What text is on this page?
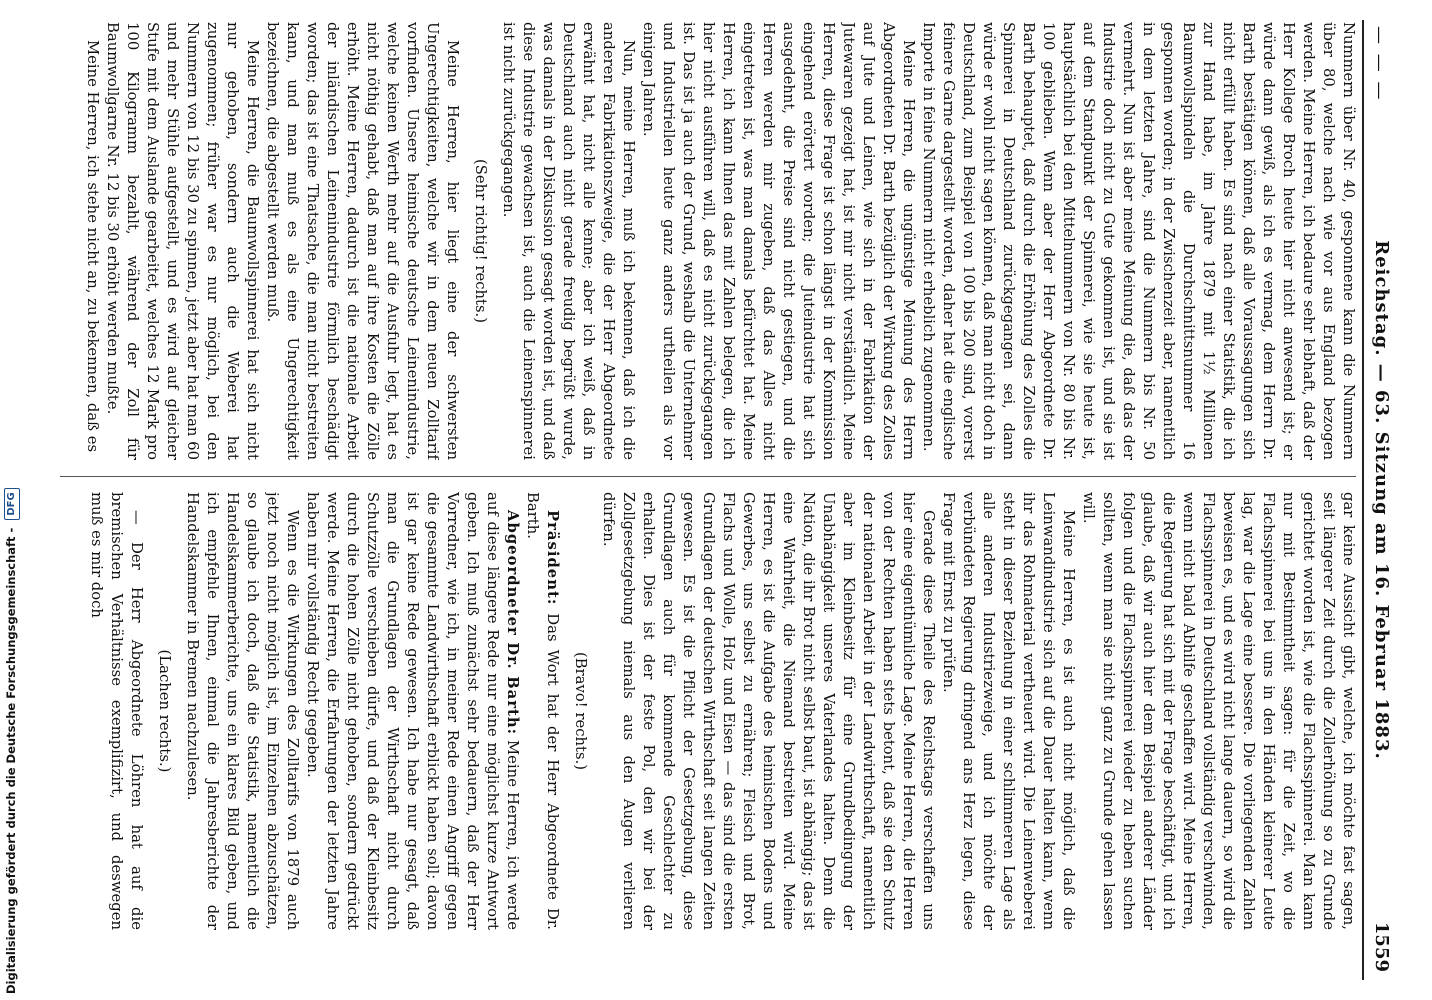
— — —
Reichstag. — 63. Sitzung am 16. Februar 1883.
1559

Nummern über Nr. 40, gesponnene kann die Nummern über 80, welche nach wie vor aus England bezogen werden. Meine Herren, ich bedaure sehr lebhaft, daß der Herr Kollege Broch heute hier nicht anwesend ist; er würde dann gewiß, als ich es vermag, dem Herrn Dr. Barth bestätigen können, daß alle Voraussagungen sich nicht erfüllt haben. Es sind nach einer Statistik, die ich zur Hand habe, im Jahre 1879 mit 1½ Millionen Baumwollspindeln die Durchschnittsnummer 16 gesponnen worden; in der Zwischenzeit aber, namentlich in dem letzten Jahre, sind die Nummern bis Nr. 50 vermehrt. Nun ist aber meine Meinung die, daß das der Industrie doch nicht zu Gute gekommen ist, und sie ist auf dem Standpunkt der Spinnerei, wie sie heute ist, hauptsächlich bei den Mittelnummern von Nr. 80 bis Nr. 100 geblieben. Wenn aber der Herr Abgeordnete Dr. Barth behauptet, daß durch die Erhöhung des Zolles die Spinnerei in Deutschland zurückgegangen sei, dann würde er wohl nicht sagen können, daß man nicht doch in Deutschland, zum Beispiel von 100 bis 200 sind, vorerst feinere Garne dargestellt worden, daher hat die englische Importe in feine Nummern nicht erheblich zugenommen.

Meine Herren, die ungünstige Meinung des Herrn Abgeordneten Dr. Barth bezüglich der Wirkung des Zolles auf Jute und Leinen, wie sich in der Fabrikation der Jutewaren gezeigt hat, ist mir nicht verständlich. Meine Herren, diese Frage ist schon längst in der Kommission eingehend erörtert worden; die Juteindustrie hat sich ausgedehnt, die Preise sind nicht gestiegen, und die Herren werden mir zugeben, daß das Alles nicht eingetreten ist, was man damals befürchtet hat. Meine Herren, ich kann Ihnen das mit Zahlen belegen, die ich hier nicht ausführen will, daß es nicht zurückgegangen ist. Das ist ja auch der Grund, weshalb die Unternehmer und Industriellen heute ganz anders urtheilen als vor einigen Jahren.

Nun, meine Herren, muß ich bekennen, daß ich die anderen Fabrikationszweige, die der Herr Abgeordnete erwähnt hat, nicht alle kenne; aber ich weiß, daß in Deutschland auch nicht gerade freudig begrüßt wurde, was damals in der Diskussion gesagt worden ist, und daß diese Industrie gewachsen ist, auch die Leinenspinnerei ist nicht zurückgegangen.

(Sehr richtig! rechts.)

Meine Herren, hier liegt eine der schwersten Ungerechtigkeiten, welche wir in dem neuen Zolltarif vorfinden. Unsere heimische deutsche Leinenindustrie, welche keinen Werth mehr auf die Ausfuhr legt, hat es nicht nöthig gehabt, daß man auf ihre Kosten die Zölle erhöht. Meine Herren, dadurch ist die nationale Arbeit der inländischen Leinenindustrie förmlich beschädigt worden; das ist eine Thatsache, die man nicht bestreiten kann, und man muß es als eine Ungerechtigkeit bezeichnen, die abgestellt werden muß.

Meine Herren, die Baumwollspinnerei hat sich nicht nur gehoben, sondern auch die Weberei hat zugenommen; früher war es nur möglich, bei den Nummern von 12 bis 30 zu spinnen, jetzt aber hat man 60 und mehr Stühle aufgestellt, und es wird auf gleicher Stufe mit dem Auslande gearbeitet, welches 12 Mark pro 100 Kilogramm bezahlt, während der Zoll für Baumwollgarne Nr. 12 bis 30 erhöht werden mußte.

Meine Herren, ich stehe nicht an, zu bekennen, daß es

gar keine Aussicht gibt, welche, ich möchte fast sagen, seit längerer Zeit durch die Zollerhöhung so zu Grunde gerichtet worden ist, wie die Flachsspinnerei. Man kann nur mit Bestimmtheit sagen: für die Zeit, wo die Flachsspinnerei bei uns in den Händen kleinerer Leute lag, war die Lage eine bessere. Die vorliegenden Zahlen beweisen es, und es wird nicht lange dauern, so wird die Flachsspinnerei in Deutschland vollständig verschwinden, wenn nicht bald Abhilfe geschaffen wird. Meine Herren, die Regierung hat sich mit der Frage beschäftigt, und ich glaube, daß wir auch hier dem Beispiel anderer Länder folgen und die Flachsspinnerei wieder zu heben suchen sollten, wenn man sie nicht ganz zu Grunde gehen lassen will.

Meine Herren, es ist auch nicht möglich, daß die Leinwandindustrie sich auf die Dauer halten kann, wenn ihr das Rohmaterial vertheuert wird. Die Leinenweberei steht in dieser Beziehung in einer schlimmeren Lage als alle anderen Industriezweige, und ich möchte der verbündeten Regierung dringend ans Herz legen, diese Frage mit Ernst zu prüfen.

Gerade diese Theile des Reichstags verschaffen uns hier eine eigenthümliche Lage. Meine Herren, die Herren von der Rechten haben stets betont, daß sie den Schutz der nationalen Arbeit in der Landwirthschaft, namentlich aber im Kleinbesitz für eine Grundbedingung der Unabhängigkeit unseres Vaterlandes halten. Denn die Nation, die ihr Brot nicht selbst baut, ist abhängig; das ist eine Wahrheit, die Niemand bestreiten wird. Meine Herren, es ist die Aufgabe des heimischen Bodens und Gewerbes, uns selbst zu ernähren; Fleisch und Brot, Flachs und Wolle, Holz und Eisen — das sind die ersten Grundlagen der deutschen Wirthschaft seit langen Zeiten gewesen. Es ist die Pflicht der Gesetzgebung, diese Grundlagen auch für kommende Geschlechter zu erhalten. Dies ist der feste Pol, den wir bei der Zollgesetzgebung niemals aus den Augen verlieren dürfen.

(Bravo! rechts.)

Präsident: Das Wort hat der Herr Abgeordnete Dr. Barth.

Abgeordneter Dr. Barth: Meine Herren, ich werde auf diese längere Rede nur eine möglichst kurze Antwort geben. Ich muß zunächst sehr bedauern, daß der Herr Vorredner, wie ich, in meiner Rede einen Angriff gegen die gesammte Landwirthschaft erblickt haben soll; davon ist gar keine Rede gewesen. Ich habe nur gesagt, daß man die Grundlagen der Wirthschaft nicht durch Schutzzölle verschieben dürfe, und daß der Kleinbesitz durch die hohen Zölle nicht gehoben, sondern gedrückt werde. Meine Herren, die Erfahrungen der letzten Jahre haben mir vollständig Recht gegeben.

Wenn es die Wirkungen des Zolltarifs von 1879 auch jetzt noch nicht möglich ist, im Einzelnen abzuschätzen, so glaube ich doch, daß die Statistik, namentlich die Handelskammerberichte, uns ein klares Bild geben, und ich empfehle Ihnen, einmal die Jahresberichte der Handelskammer in Bremen nachzulesen.

(Lachen rechts.)

— Der Herr Abgeordnete Löhren hat auf die bremischen Verhältnisse exemplifizirt, und deswegen muß es mir doch

Digitalisierung gefördert durch die Deutsche Forschungsgemeinschaft - DFG
